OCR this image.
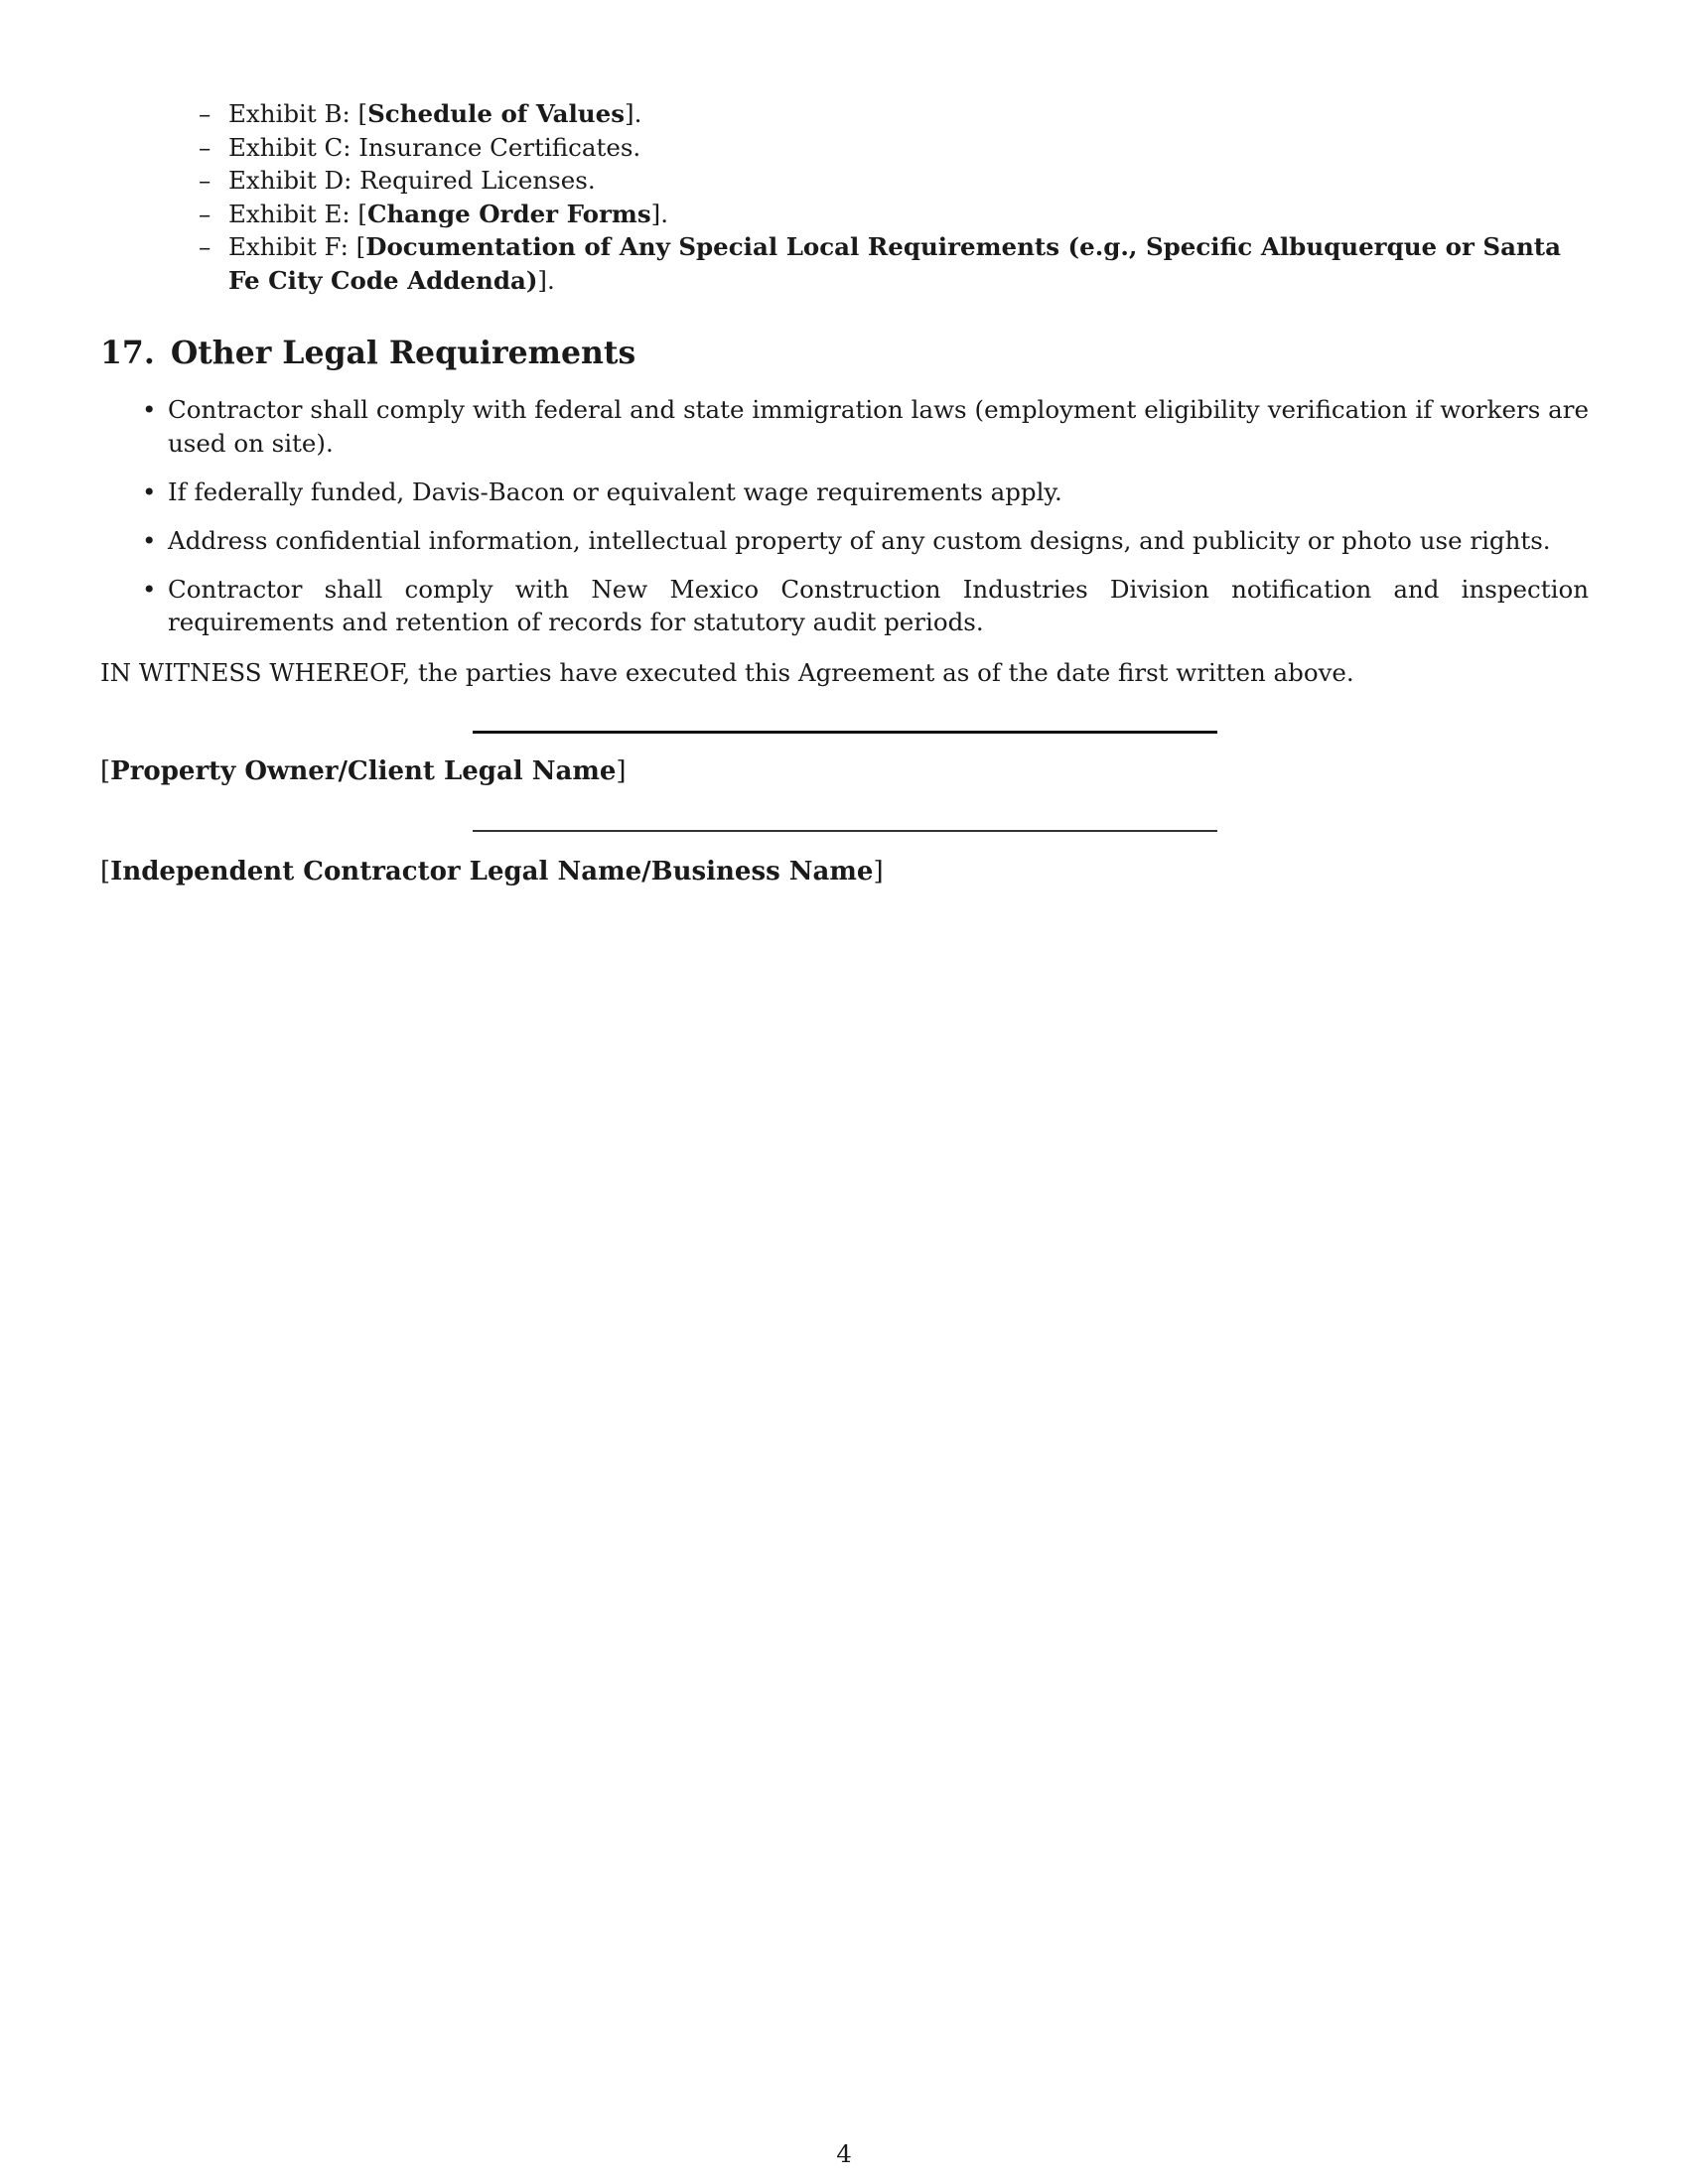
– Exhibit B: [Schedule of Values].
– Exhibit C: Insurance Certificates.
– Exhibit D: Required Licenses.
– Exhibit E: [Change Order Forms].
– Exhibit F: [Documentation of Any Special Local Requirements (e.g., Specific Albuquerque or Santa Fe City Code Addenda)].
17. Other Legal Requirements
• Contractor shall comply with federal and state immigration laws (employment eligibility verification if workers are used on site).
• If federally funded, Davis-Bacon or equivalent wage requirements apply.
• Address confidential information, intellectual property of any custom designs, and publicity or photo use rights.
• Contractor shall comply with New Mexico Construction Industries Division notification and inspection requirements and retention of records for statutory audit periods.

IN WITNESS WHEREOF, the parties have executed this Agreement as of the date first written above.

[Property Owner/Client Legal Name]

[Independent Contractor Legal Name/Business Name]

4
